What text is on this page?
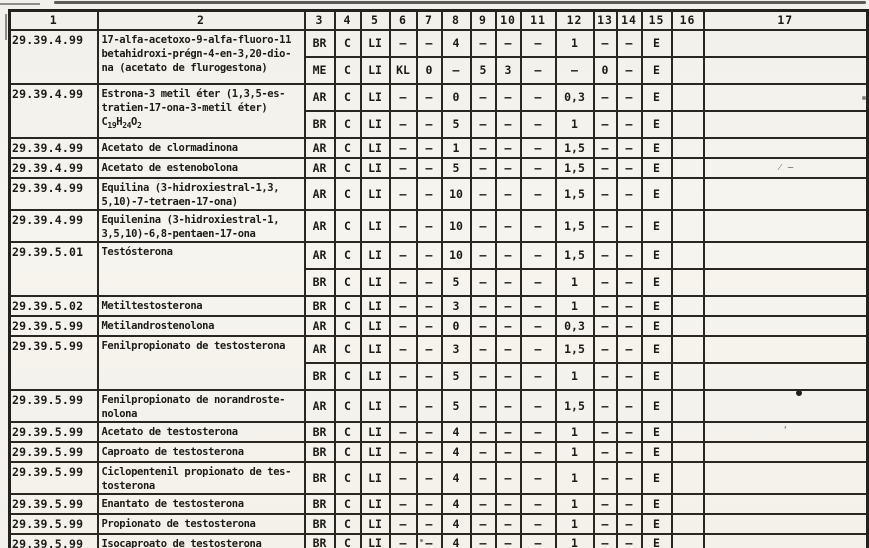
1	2	3	4	5	6	7	8	9	10	11	12	13	14	15	16	17
29.39.4.99	17-alfa-acetoxo-9-alfa-fluoro-11
betahidroxi-prégn-4-en-3,20-dio-
na (acetato de flurogestona)	BR	C	LI	–	–	4	–	–	–	1	–	–	E		
		ME	C	LI	KL	0	–	5	3	–	–	0	–	E		
29.39.4.99	Estrona-3 metil éter (1,3,5-es-
tratien-17-ona-3-metil éter)
$C_{19}H_{24}O_2$	AR	C	LI	–	–	0	–	–	–	0,3	–	–	E		
		BR	C	LI	–	–	5	–	–	–	1	–	–	E		
29.39.4.99	Acetato de clormadinona	AR	C	LI	–	–	1	–	–	–	1,5	–	–	E		
29.39.4.99	Acetato de estenobolona	AR	C	LI	–	–	5	–	–	–	1,5	–	–	E		⁄ ‒
29.39.4.99	Equilina (3-hidroxiestral-1,3,
5,10)-7-tetraen-17-ona)	AR	C	LI	–	–	10	–	–	–	1,5	–	–	E		
29.39.4.99	Equilenina (3-hidroxiestral-1,
3,5,10)-6,8-pentaen-17-ona	AR	C	LI	–	–	10	–	–	–	1,5	–	–	E		
29.39.5.01	Testósterona	AR	C	LI	–	–	10	–	–	–	1,5	–	–	E		
		BR	C	LI	–	–	5	–	–	–	1	–	–	E		
29.39.5.02	Metiltestosterona	BR	C	LI	–	–	3	–	–	–	1	–	–	E		
29.39.5.99	Metilandrostenolona	AR	C	LI	–	–	0	–	–	–	0,3	–	–	E		
29.39.5.99	Fenilpropionato de testosterona	AR	C	LI	–	–	3	–	–	–	1,5	–	–	E		
		BR	C	LI	–	–	5	–	–	–	1	–	–	E		
29.39.5.99	Fenilpropionato de norandroste-
nolona	AR	C	LI	–	–	5	–	–	–	1,5	–	–	E		
29.39.5.99	Acetato de testosterona	BR	C	LI	–	–	4	–	–	–	1	–	–	E		ʽ
29.39.5.99	Caproato de testosterona	BR	C	LI	–	–	4	–	–	–	1	–	–	E		
29.39.5.99	Ciclopentenil propionato de tes-
tosterona	BR	C	LI	–	–	4	–	–	–	1	–	–	E		
29.39.5.99	Enantato de testosterona	BR	C	LI	–	–	4	–	–	–	1	–	–	E		
29.39.5.99	Propionato de testosterona	BR	C	LI	–	–	4	–	–	–	1	–	–	E		
29.39.5.99	Isocaproato de testosterona	BR	C	LI	–	–	4	–	–	–	1	–	–	E		
